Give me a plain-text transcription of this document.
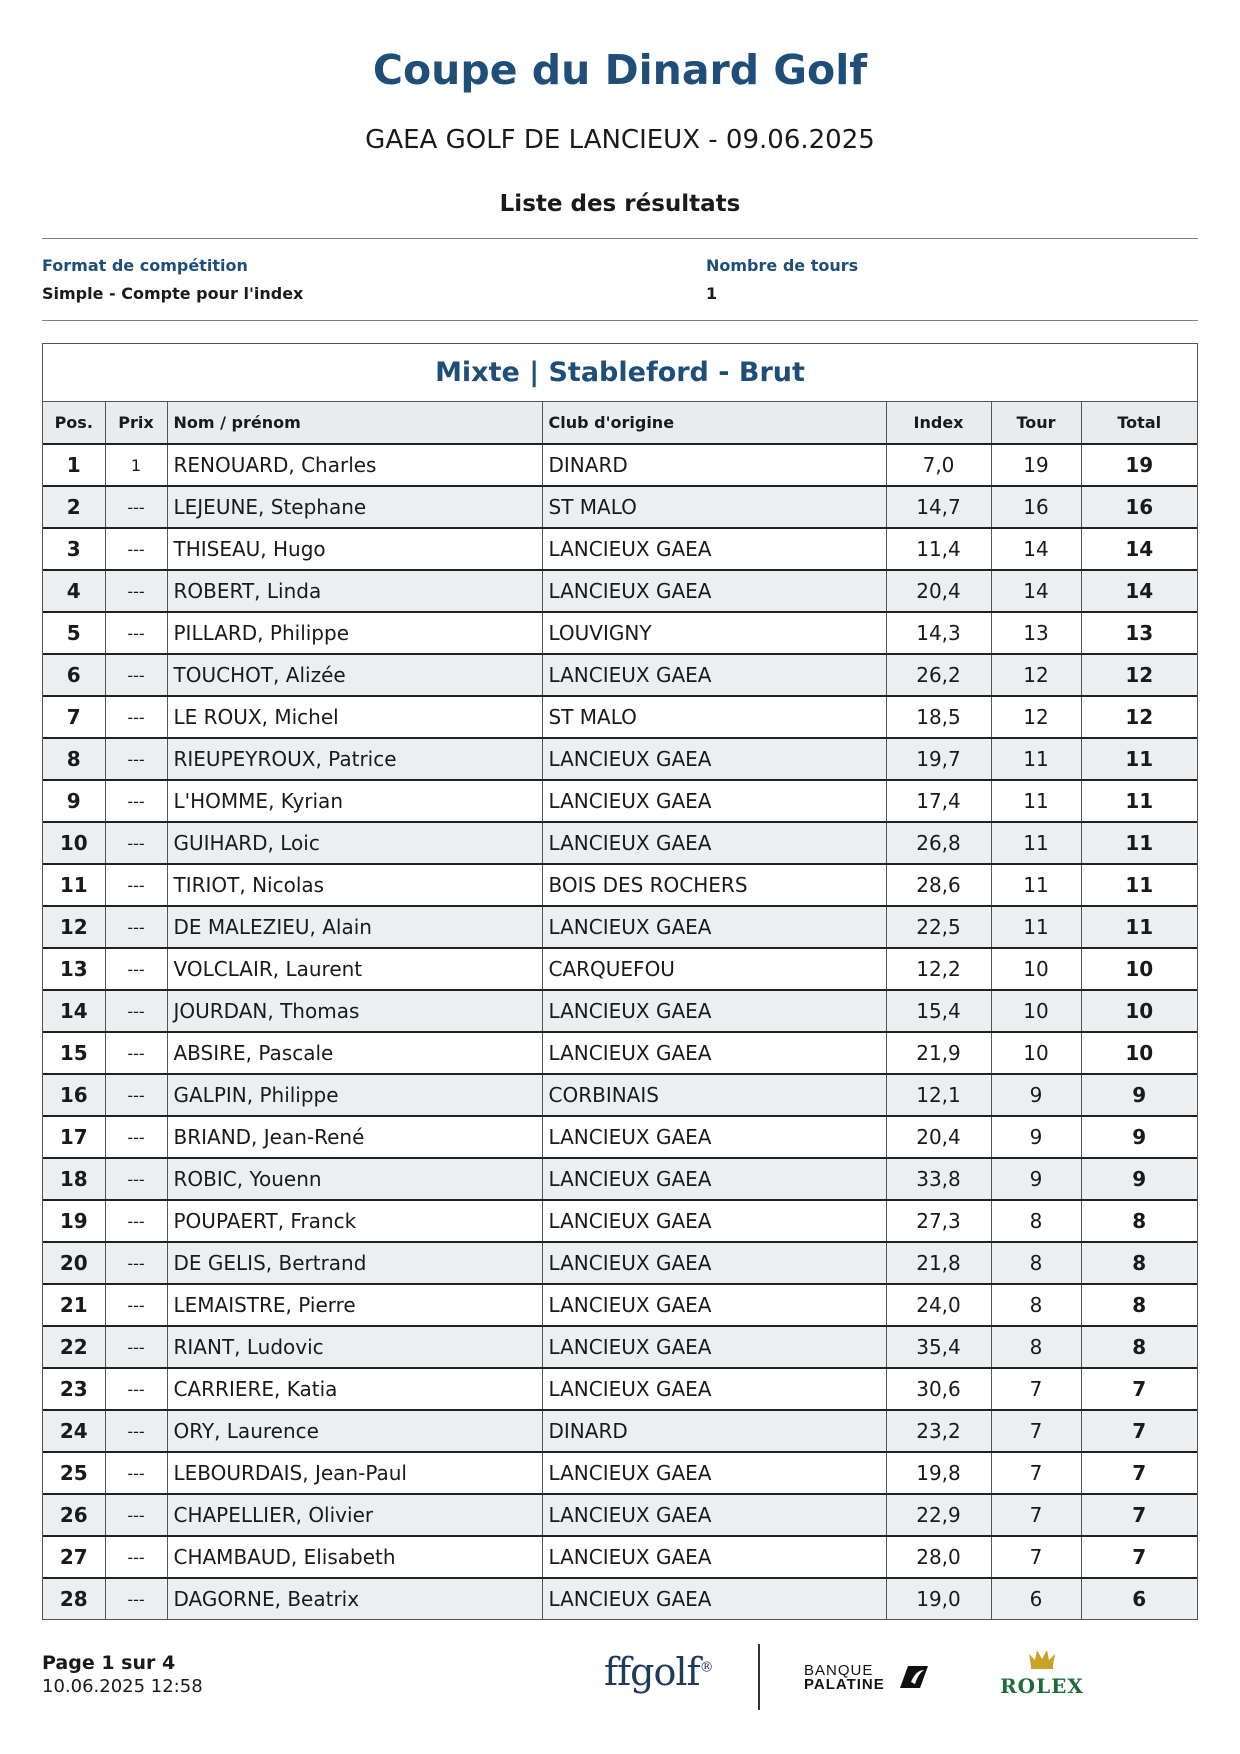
Coupe du Dinard Golf
GAEA GOLF DE LANCIEUX - 09.06.2025
Liste des résultats
Format de compétition
Simple - Compte pour l'index
Nombre de tours
1
Mixte | Stableford - Brut
Pos.	Prix	Nom / prénom	Club d'origine	Index	Tour	Total
1	1	RENOUARD, Charles	DINARD	7,0	19	19
2	---	LEJEUNE, Stephane	ST MALO	14,7	16	16
3	---	THISEAU, Hugo	LANCIEUX GAEA	11,4	14	14
4	---	ROBERT, Linda	LANCIEUX GAEA	20,4	14	14
5	---	PILLARD, Philippe	LOUVIGNY	14,3	13	13
6	---	TOUCHOT, Alizée	LANCIEUX GAEA	26,2	12	12
7	---	LE ROUX, Michel	ST MALO	18,5	12	12
8	---	RIEUPEYROUX, Patrice	LANCIEUX GAEA	19,7	11	11
9	---	L'HOMME, Kyrian	LANCIEUX GAEA	17,4	11	11
10	---	GUIHARD, Loic	LANCIEUX GAEA	26,8	11	11
11	---	TIRIOT, Nicolas	BOIS DES ROCHERS	28,6	11	11
12	---	DE MALEZIEU, Alain	LANCIEUX GAEA	22,5	11	11
13	---	VOLCLAIR, Laurent	CARQUEFOU	12,2	10	10
14	---	JOURDAN, Thomas	LANCIEUX GAEA	15,4	10	10
15	---	ABSIRE, Pascale	LANCIEUX GAEA	21,9	10	10
16	---	GALPIN, Philippe	CORBINAIS	12,1	9	9
17	---	BRIAND, Jean-René	LANCIEUX GAEA	20,4	9	9
18	---	ROBIC, Youenn	LANCIEUX GAEA	33,8	9	9
19	---	POUPAERT, Franck	LANCIEUX GAEA	27,3	8	8
20	---	DE GELIS, Bertrand	LANCIEUX GAEA	21,8	8	8
21	---	LEMAISTRE, Pierre	LANCIEUX GAEA	24,0	8	8
22	---	RIANT, Ludovic	LANCIEUX GAEA	35,4	8	8
23	---	CARRIERE, Katia	LANCIEUX GAEA	30,6	7	7
24	---	ORY, Laurence	DINARD	23,2	7	7
25	---	LEBOURDAIS, Jean-Paul	LANCIEUX GAEA	19,8	7	7
26	---	CHAPELLIER, Olivier	LANCIEUX GAEA	22,9	7	7
27	---	CHAMBAUD, Elisabeth	LANCIEUX GAEA	28,0	7	7
28	---	DAGORNE, Beatrix	LANCIEUX GAEA	19,0	6	6
Page 1 sur 4
10.06.2025 12:58	ffgolf®	BANQUE
PALATINE	ROLEX
